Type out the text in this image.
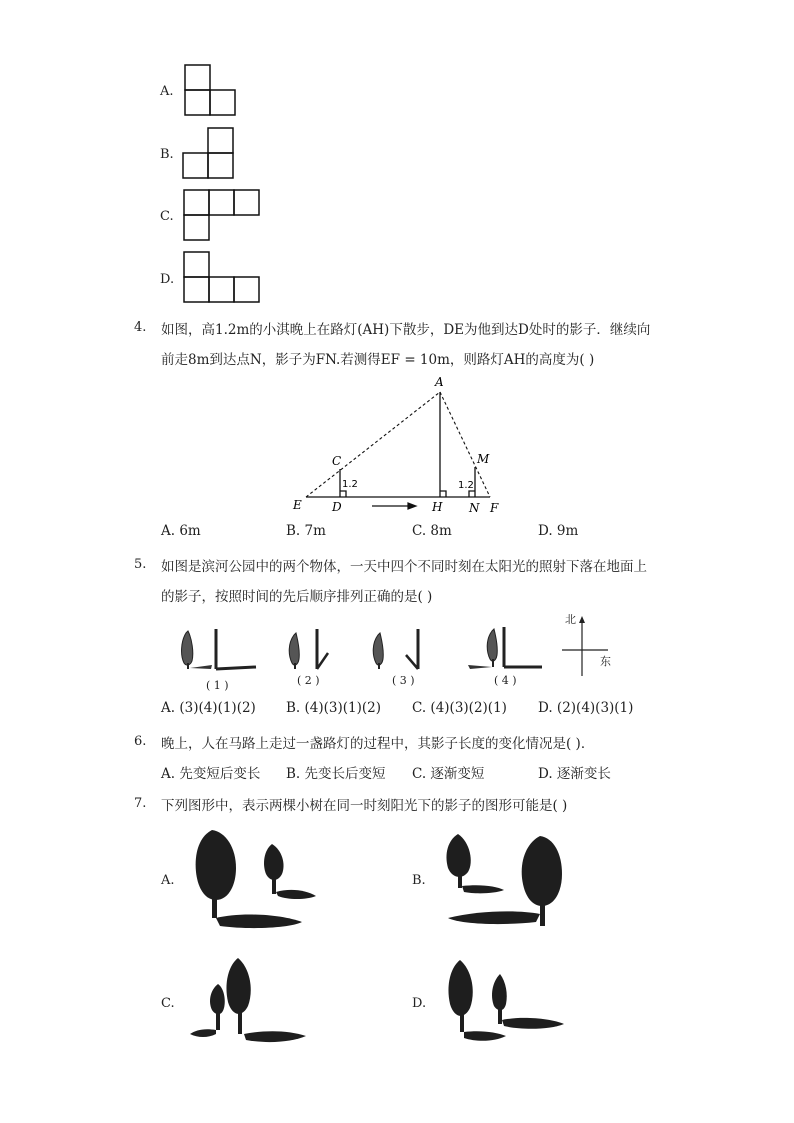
A.
B.
C.
D.
4. 如图，高1.2m的小淇晚上在路灯(AH)下散步，DE为他到达D处时的影子．继续向
前走8m到达点N，影子为FN.若测得EF = 10m，则路灯AH的高度为( )
A
C	M
E	D	H N F
1.2	1.2
A. 6m	B. 7m	C. 8m	D. 9m
5. 如图是滨河公园中的两个物体，一天中四个不同时刻在太阳光的照射下落在地面上
的影子，按照时间的先后顺序排列正确的是( )
( 1 )	( 2 )	( 3 )	( 4 )
北
东
A. (3)(4)(1)(2) B. (4)(3)(1)(2) C. (4)(3)(2)(1) D. (2)(4)(3)(1)
6. 晚上，人在马路上走过一盏路灯的过程中，其影子长度的变化情况是( )．
A. 先变短后变长 B. 先变长后变短 C. 逐渐变短	D. 逐渐变长
7. 下列图形中，表示两棵小树在同一时刻阳光下的影子的图形可能是( )
A.	B.
C.	D.
